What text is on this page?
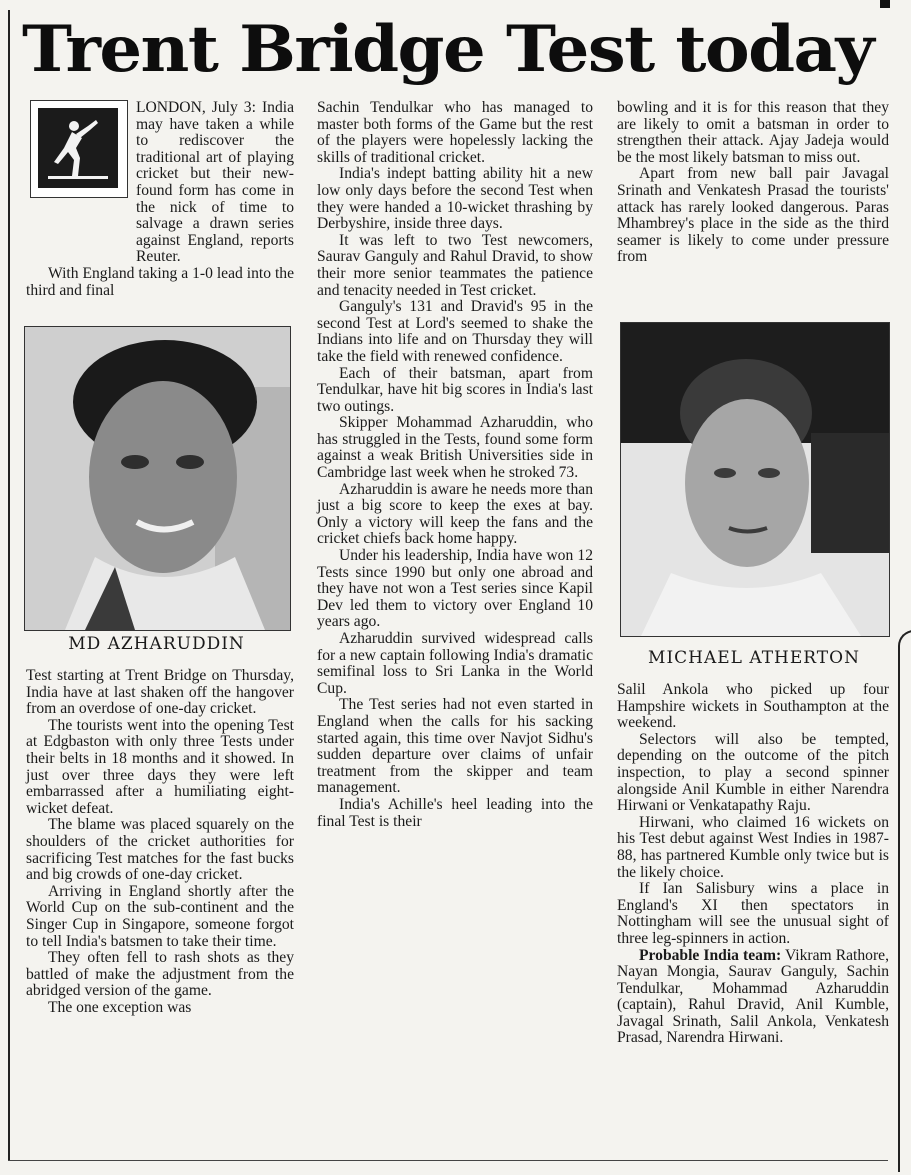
Trent Bridge Test today

LONDON, July 3: India may have taken a while to rediscover the traditional art of playing cricket but their new-found form has come in the nick of time to salvage a drawn series against England, reports Reuter.

With England taking a 1-0 lead into the third and final

MD AZHARUDDIN

Test starting at Trent Bridge on Thursday, India have at last shaken off the hangover from an overdose of one-day cricket.

The tourists went into the opening Test at Edgbaston with only three Tests under their belts in 18 months and it showed. In just over three days they were left embarrassed after a humiliating eight-wicket defeat.

The blame was placed squarely on the shoulders of the cricket authorities for sacrificing Test matches for the fast bucks and big crowds of one-day cricket.

Arriving in England shortly after the World Cup on the sub-continent and the Singer Cup in Singapore, someone forgot to tell India's batsmen to take their time.

They often fell to rash shots as they battled of make the adjustment from the abridged version of the game.

The one exception was

Sachin Tendulkar who has managed to master both forms of the Game but the rest of the players were hopelessly lacking the skills of traditional cricket.

India's indept batting ability hit a new low only days before the second Test when they were handed a 10-wicket thrashing by Derbyshire, inside three days.

It was left to two Test newcomers, Saurav Ganguly and Rahul Dravid, to show their more senior teammates the patience and tenacity needed in Test cricket.

Ganguly's 131 and Dravid's 95 in the second Test at Lord's seemed to shake the Indians into life and on Thursday they will take the field with renewed confidence.

Each of their batsman, apart from Tendulkar, have hit big scores in India's last two outings.

Skipper Mohammad Azharuddin, who has struggled in the Tests, found some form against a weak British Universities side in Cambridge last week when he stroked 73.

Azharuddin is aware he needs more than just a big score to keep the exes at bay. Only a victory will keep the fans and the cricket chiefs back home happy.

Under his leadership, India have won 12 Tests since 1990 but only one abroad and they have not won a Test series since Kapil Dev led them to victory over England 10 years ago.

Azharuddin survived widespread calls for a new captain following India's dramatic semifinal loss to Sri Lanka in the World Cup.

The Test series had not even started in England when the calls for his sacking started again, this time over Navjot Sidhu's sudden departure over claims of unfair treatment from the skipper and team management.

India's Achille's heel leading into the final Test is their

bowling and it is for this reason that they are likely to omit a batsman in order to strengthen their attack. Ajay Jadeja would be the most likely batsman to miss out.

Apart from new ball pair Javagal Srinath and Venkatesh Prasad the tourists' attack has rarely looked dangerous. Paras Mhambrey's place in the side as the third seamer is likely to come under pressure from

MICHAEL ATHERTON

Salil Ankola who picked up four Hampshire wickets in Southampton at the weekend.

Selectors will also be tempted, depending on the outcome of the pitch inspection, to play a second spinner alongside Anil Kumble in either Narendra Hirwani or Venkatapathy Raju.

Hirwani, who claimed 16 wickets on his Test debut against West Indies in 1987-88, has partnered Kumble only twice but is the likely choice.

If Ian Salisbury wins a place in England's XI then spectators in Nottingham will see the unusual sight of three leg-spinners in action.

Probable India team: Vikram Rathore, Nayan Mongia, Saurav Ganguly, Sachin Tendulkar, Mohammad Azharuddin (captain), Rahul Dravid, Anil Kumble, Javagal Srinath, Salil Ankola, Venkatesh Prasad, Narendra Hirwani.
